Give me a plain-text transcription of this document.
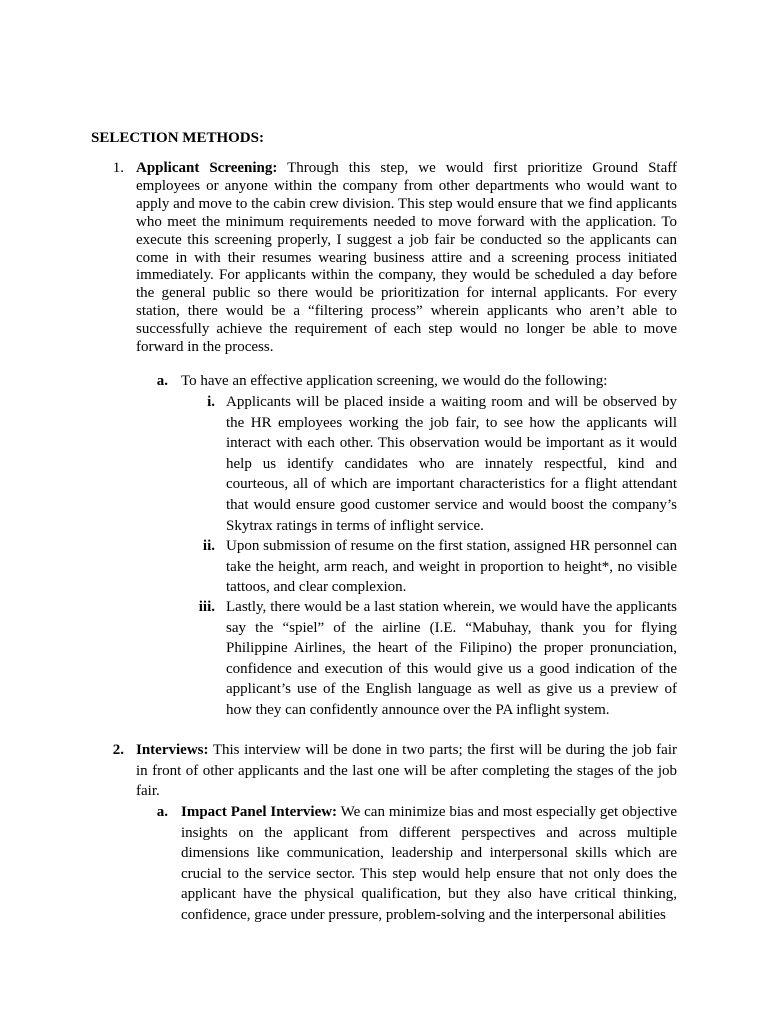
SELECTION METHODS:
1. Applicant Screening: Through this step, we would first prioritize Ground Staff employees or anyone within the company from other departments who would want to apply and move to the cabin crew division. This step would ensure that we find applicants who meet the minimum requirements needed to move forward with the application. To execute this screening properly, I suggest a job fair be conducted so the applicants can come in with their resumes wearing business attire and a screening process initiated immediately. For applicants within the company, they would be scheduled a day before the general public so there would be prioritization for internal applicants. For every station, there would be a “filtering process” wherein applicants who aren’t able to successfully achieve the requirement of each step would no longer be able to move forward in the process.

a. To have an effective application screening, we would do the following:

i. Applicants will be placed inside a waiting room and will be observed by the HR employees working the job fair, to see how the applicants will interact with each other. This observation would be important as it would help us identify candidates who are innately respectful, kind and courteous, all of which are important characteristics for a flight attendant that would ensure good customer service and would boost the company’s Skytrax ratings in terms of inflight service.

ii. Upon submission of resume on the first station, assigned HR personnel can take the height, arm reach, and weight in proportion to height*, no visible tattoos, and clear complexion.

iii. Lastly, there would be a last station wherein, we would have the applicants say the “spiel” of the airline (I.E. “Mabuhay, thank you for flying Philippine Airlines, the heart of the Filipino) the proper pronunciation, confidence and execution of this would give us a good indication of the applicant’s use of the English language as well as give us a preview of how they can confidently announce over the PA inflight system.

2. Interviews: This interview will be done in two parts; the first will be during the job fair in front of other applicants and the last one will be after completing the stages of the job fair.

a. Impact Panel Interview: We can minimize bias and most especially get objective insights on the applicant from different perspectives and across multiple dimensions like communication, leadership and interpersonal skills which are crucial to the service sector. This step would help ensure that not only does the applicant have the physical qualification, but they also have critical thinking, confidence, grace under pressure, problem-solving and the interpersonal abilities
